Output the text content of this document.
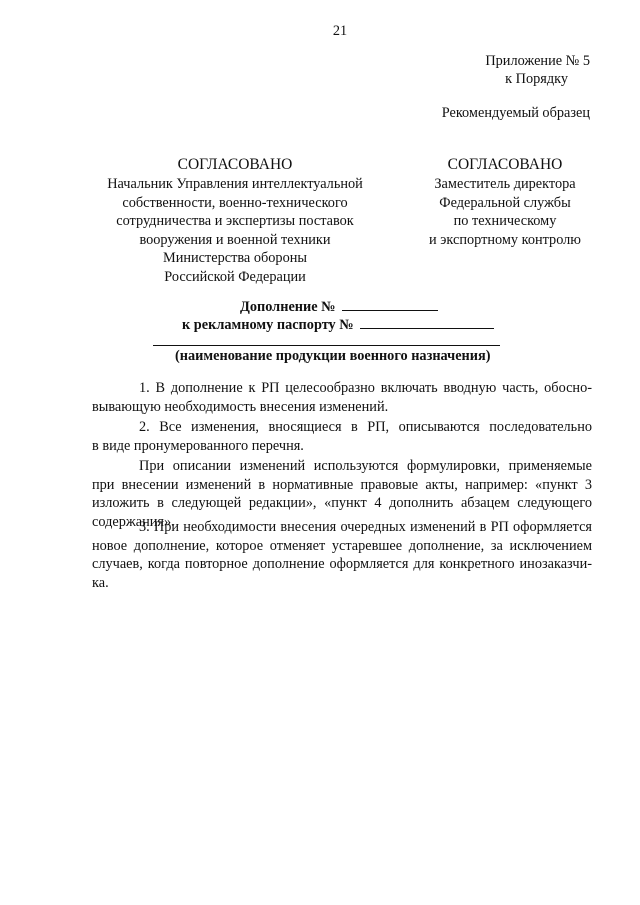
21
Приложение № 5
к Порядку
Рекомендуемый образец
СОГЛАСОВАНО
Начальник Управления интеллектуальной
собственности, военно-технического
сотрудничества и экспертизы поставок
вооружения и военной техники
Министерства обороны
Российской Федерации
СОГЛАСОВАНО
Заместитель директора
Федеральной службы
по техническому
и экспортному контролю
Дополнение №
к рекламному паспорту №
(наименование продукции военного назначения)
1. В дополнение к РП целесообразно включать вводную часть, обосно-
вывающую необходимость внесения изменений.
2. Все изменения, вносящиеся в РП, описываются последовательно
в виде пронумерованного перечня.
При описании изменений используются формулировки, применяемые
при внесении изменений в нормативные правовые акты, например: «пункт 3
изложить в следующей редакции», «пункт 4 дополнить абзацем следующего
содержания».
3. При необходимости внесения очередных изменений в РП оформляется
новое дополнение, которое отменяет устаревшее дополнение, за исключением
случаев, когда повторное дополнение оформляется для конкретного инозаказчи-
ка.
